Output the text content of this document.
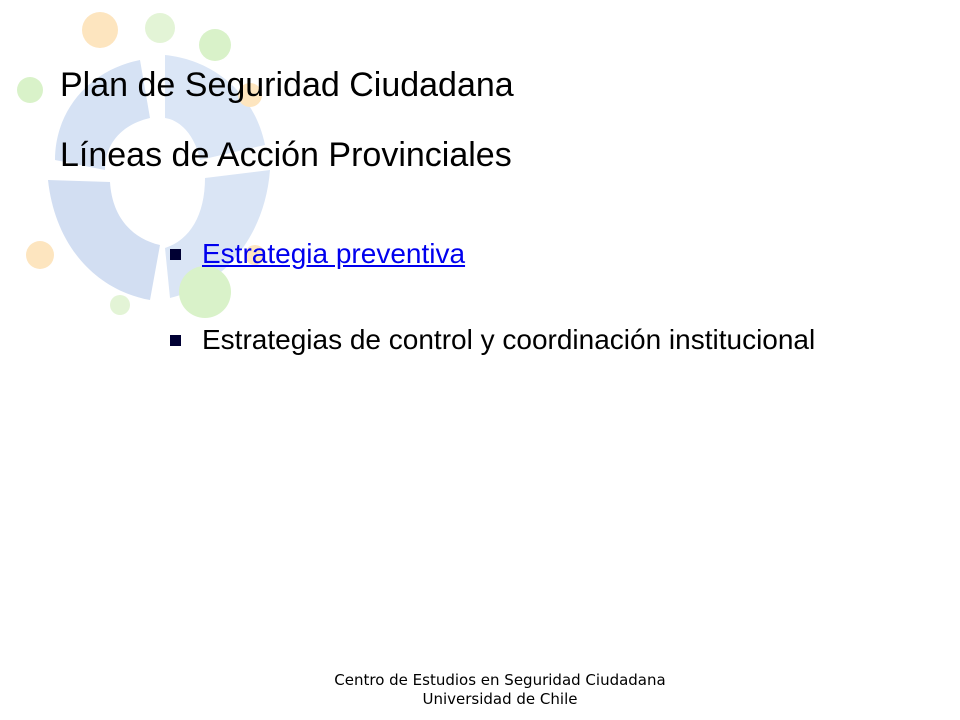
Plan de Seguridad Ciudadana
Líneas de Acción Provinciales
Estrategia preventiva
Estrategias de control y coordinación institucional
Centro de Estudios en Seguridad Ciudadana
Universidad de Chile
